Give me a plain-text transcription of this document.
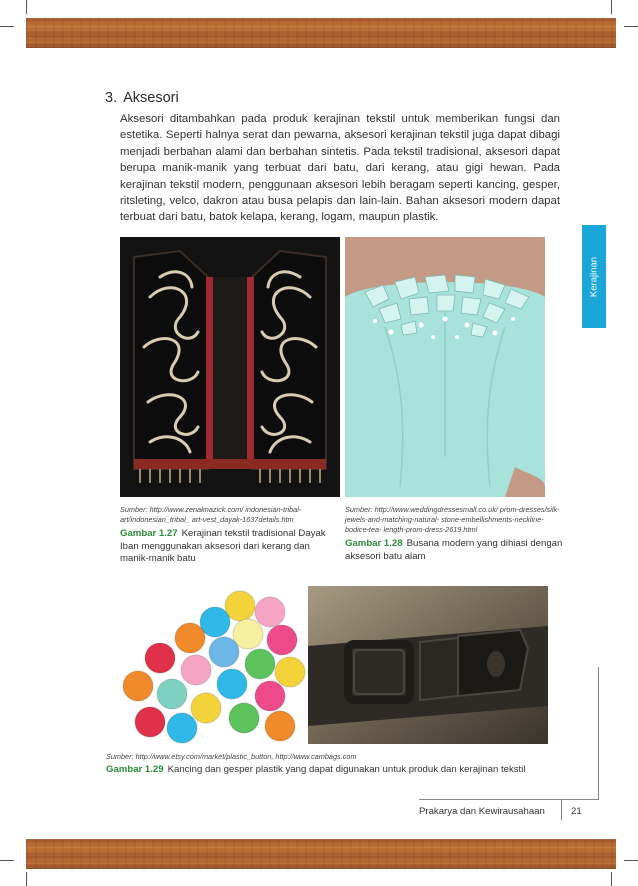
3. Aksesori

Aksesori ditambahkan pada produk kerajinan tekstil untuk memberikan fungsi dan estetika. Seperti halnya serat dan pewarna, aksesori kerajinan tekstil juga dapat dibagi menjadi berbahan alami dan berbahan sintetis. Pada tekstil tradisional, aksesori dapat berupa manik-manik yang terbuat dari batu, dari kerang, atau gigi hewan. Pada kerajinan tekstil modern, penggunaan aksesori lebih beragam seperti kancing, gesper, ritsleting, velco, dakron atau busa pelapis dan lain-lain. Bahan aksesori modern dapat terbuat dari batu, batok kelapa, kerang, logam, maupun plastik.

Kerajinan

Sumber: http://www.zenaknazick.com/ indonesian-tribal-art/indonesian_tribal_ art-vest_dayak-1637details.htm

Gambar 1.27 Kerajinan tekstil tradisional Dayak Iban menggunakan aksesori dari kerang dan manik-manik batu

Sumber: http://www.weddingdressesmall.co.uk/ prom-dresses/silk-jewels-and-matching-natural- stone-embellishments-neckline-bodice-tea- length-prom-dress-2619.html

Gambar 1.28 Busana modern yang dihiasi dengan aksesori batu alam

Sumber: http://www.etsy.com/market/plastic_button, http://www.cambags.com

Gambar 1.29 Kancing dan gesper plastik yang dapat digunakan untuk produk dan kerajinan tekstil

Prakarya dan Kewirausahaan	21
